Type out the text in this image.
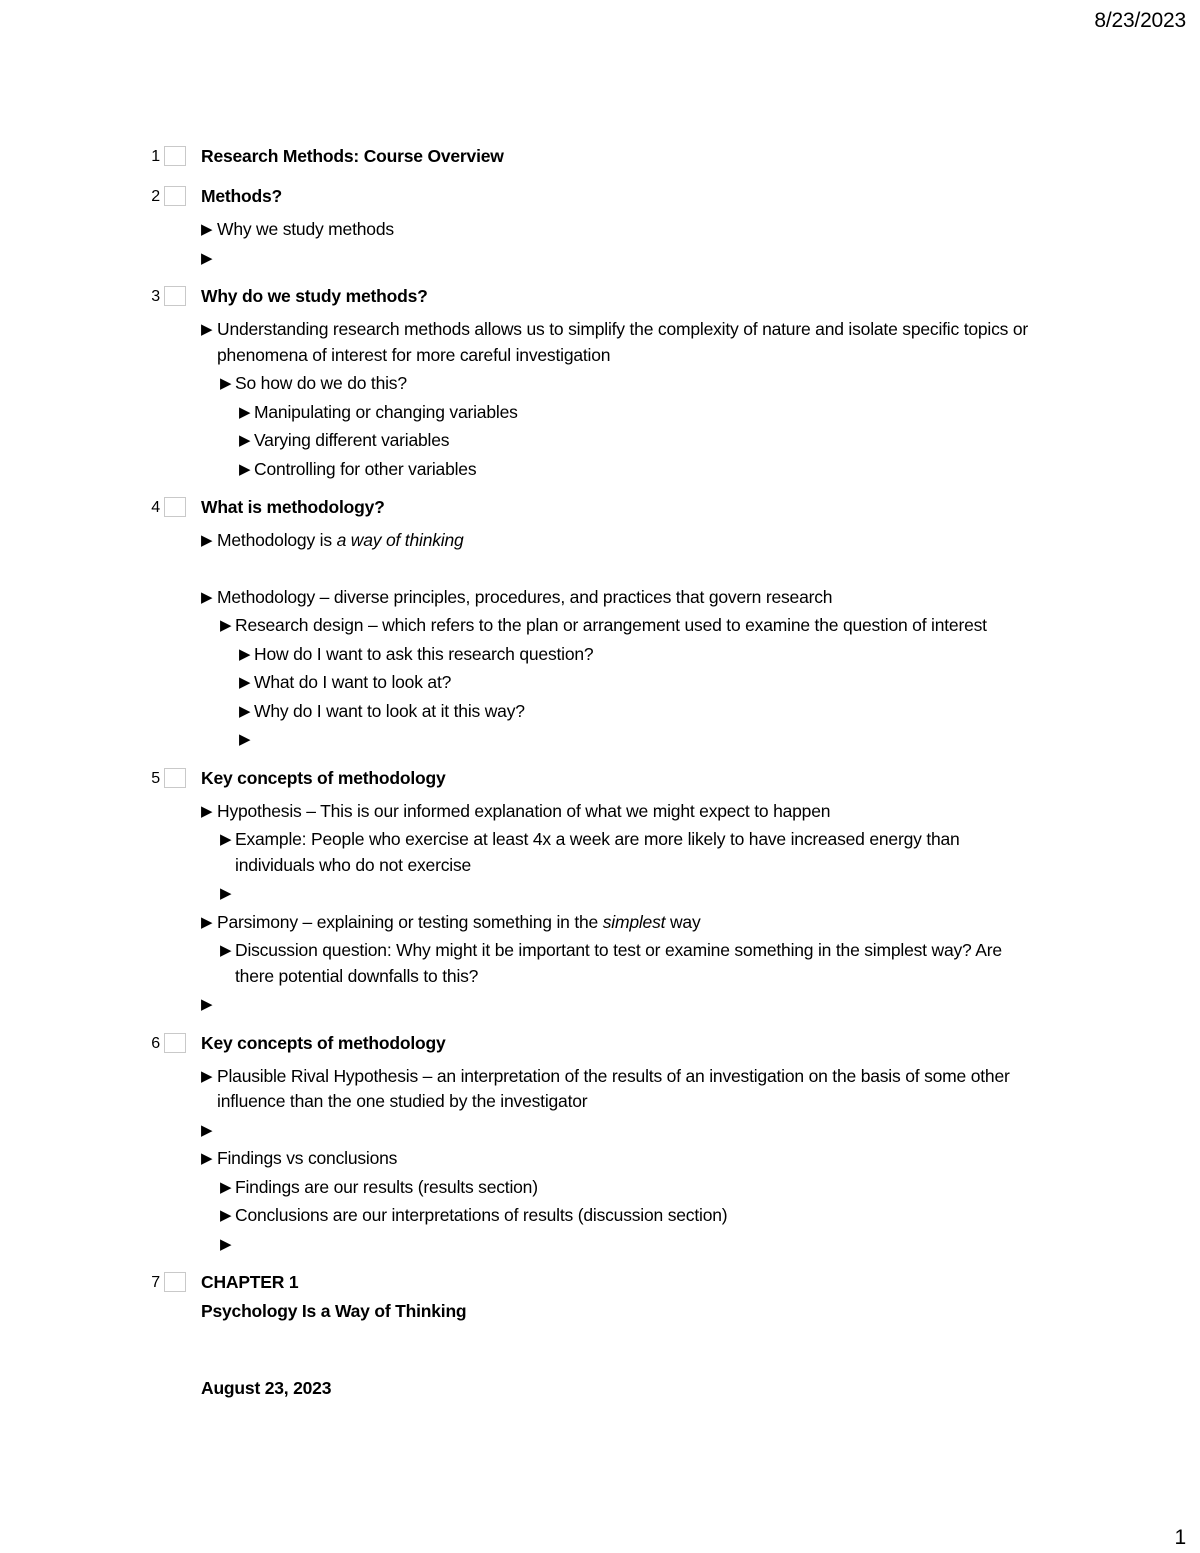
8/23/2023
1 Research Methods: Course Overview
2 Methods?
▶ Why we study methods
▶
3 Why do we study methods?
▶ Understanding research methods allows us to simplify the complexity of nature and isolate specific topics or phenomena of interest for more careful investigation
▶ So how do we do this?
▶ Manipulating or changing variables
▶ Varying different variables
▶ Controlling for other variables
4 What is methodology?
▶ Methodology is a way of thinking
▶ Methodology – diverse principles, procedures, and practices that govern research
▶ Research design – which refers to the plan or arrangement used to examine the question of interest
▶ How do I want to ask this research question?
▶ What do I want to look at?
▶ Why do I want to look at it this way?
▶
5 Key concepts of methodology
▶ Hypothesis – This is our informed explanation of what we might expect to happen
▶ Example: People who exercise at least 4x a week are more likely to have increased energy than individuals who do not exercise
▶
▶ Parsimony – explaining or testing something in the simplest way
▶ Discussion question: Why might it be important to test or examine something in the simplest way? Are there potential downfalls to this?
▶
6 Key concepts of methodology
▶ Plausible Rival Hypothesis – an interpretation of the results of an investigation on the basis of some other influence than the one studied by the investigator
▶
▶ Findings vs conclusions
▶ Findings are our results (results section)
▶ Conclusions are our interpretations of results (discussion section)
▶
7 CHAPTER 1
Psychology Is a Way of Thinking
August 23, 2023
1
